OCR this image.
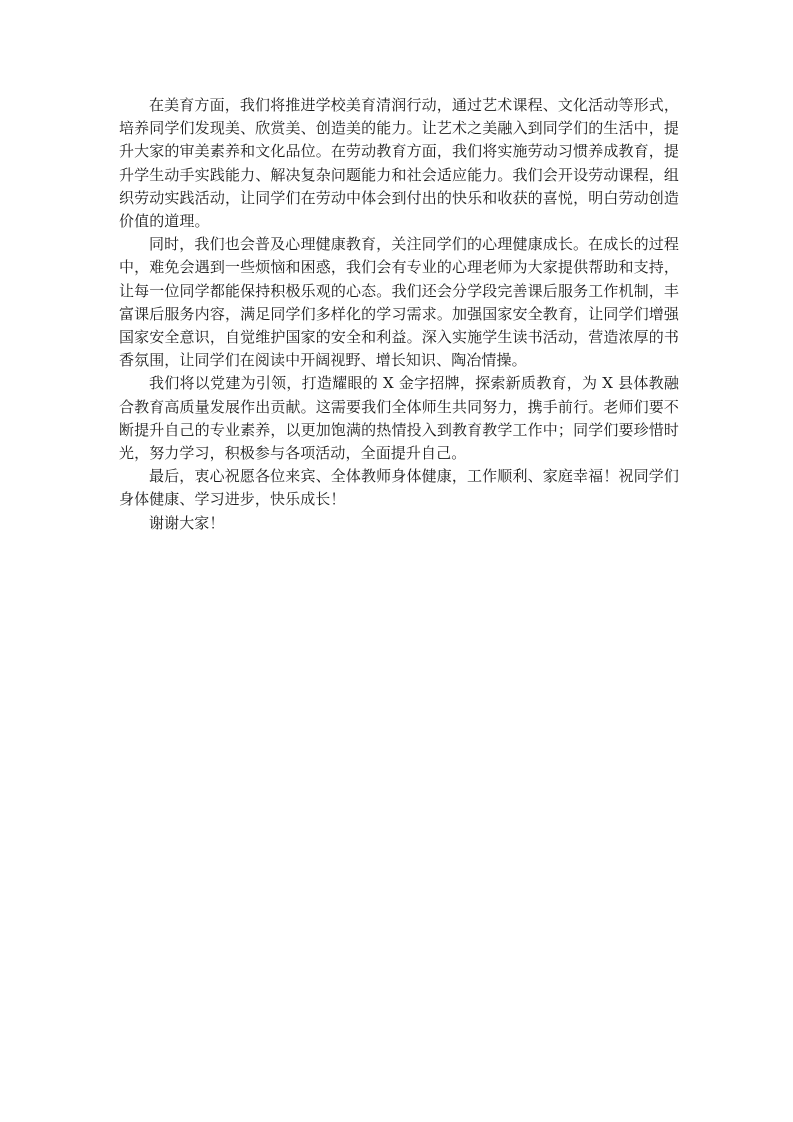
在美育方面，我们将推进学校美育清润行动，通过艺术课程、文化活动等形式，培养同学们发现美、欣赏美、创造美的能力。让艺术之美融入到同学们的生活中，提升大家的审美素养和文化品位。在劳动教育方面，我们将实施劳动习惯养成教育，提升学生动手实践能力、解决复杂问题能力和社会适应能力。我们会开设劳动课程，组织劳动实践活动，让同学们在劳动中体会到付出的快乐和收获的喜悦，明白劳动创造价值的道理。

同时，我们也会普及心理健康教育，关注同学们的心理健康成长。在成长的过程中，难免会遇到一些烦恼和困惑，我们会有专业的心理老师为大家提供帮助和支持，让每一位同学都能保持积极乐观的心态。我们还会分学段完善课后服务工作机制，丰富课后服务内容，满足同学们多样化的学习需求。加强国家安全教育，让同学们增强国家安全意识，自觉维护国家的安全和利益。深入实施学生读书活动，营造浓厚的书香氛围，让同学们在阅读中开阔视野、增长知识、陶冶情操。

我们将以党建为引领，打造耀眼的 X 金字招牌，探索新质教育，为 X 县体教融合教育高质量发展作出贡献。这需要我们全体师生共同努力，携手前行。老师们要不断提升自己的专业素养，以更加饱满的热情投入到教育教学工作中；同学们要珍惜时光，努力学习，积极参与各项活动，全面提升自己。

最后，衷心祝愿各位来宾、全体教师身体健康，工作顺利、家庭幸福！祝同学们身体健康、学习进步，快乐成长！

谢谢大家！
